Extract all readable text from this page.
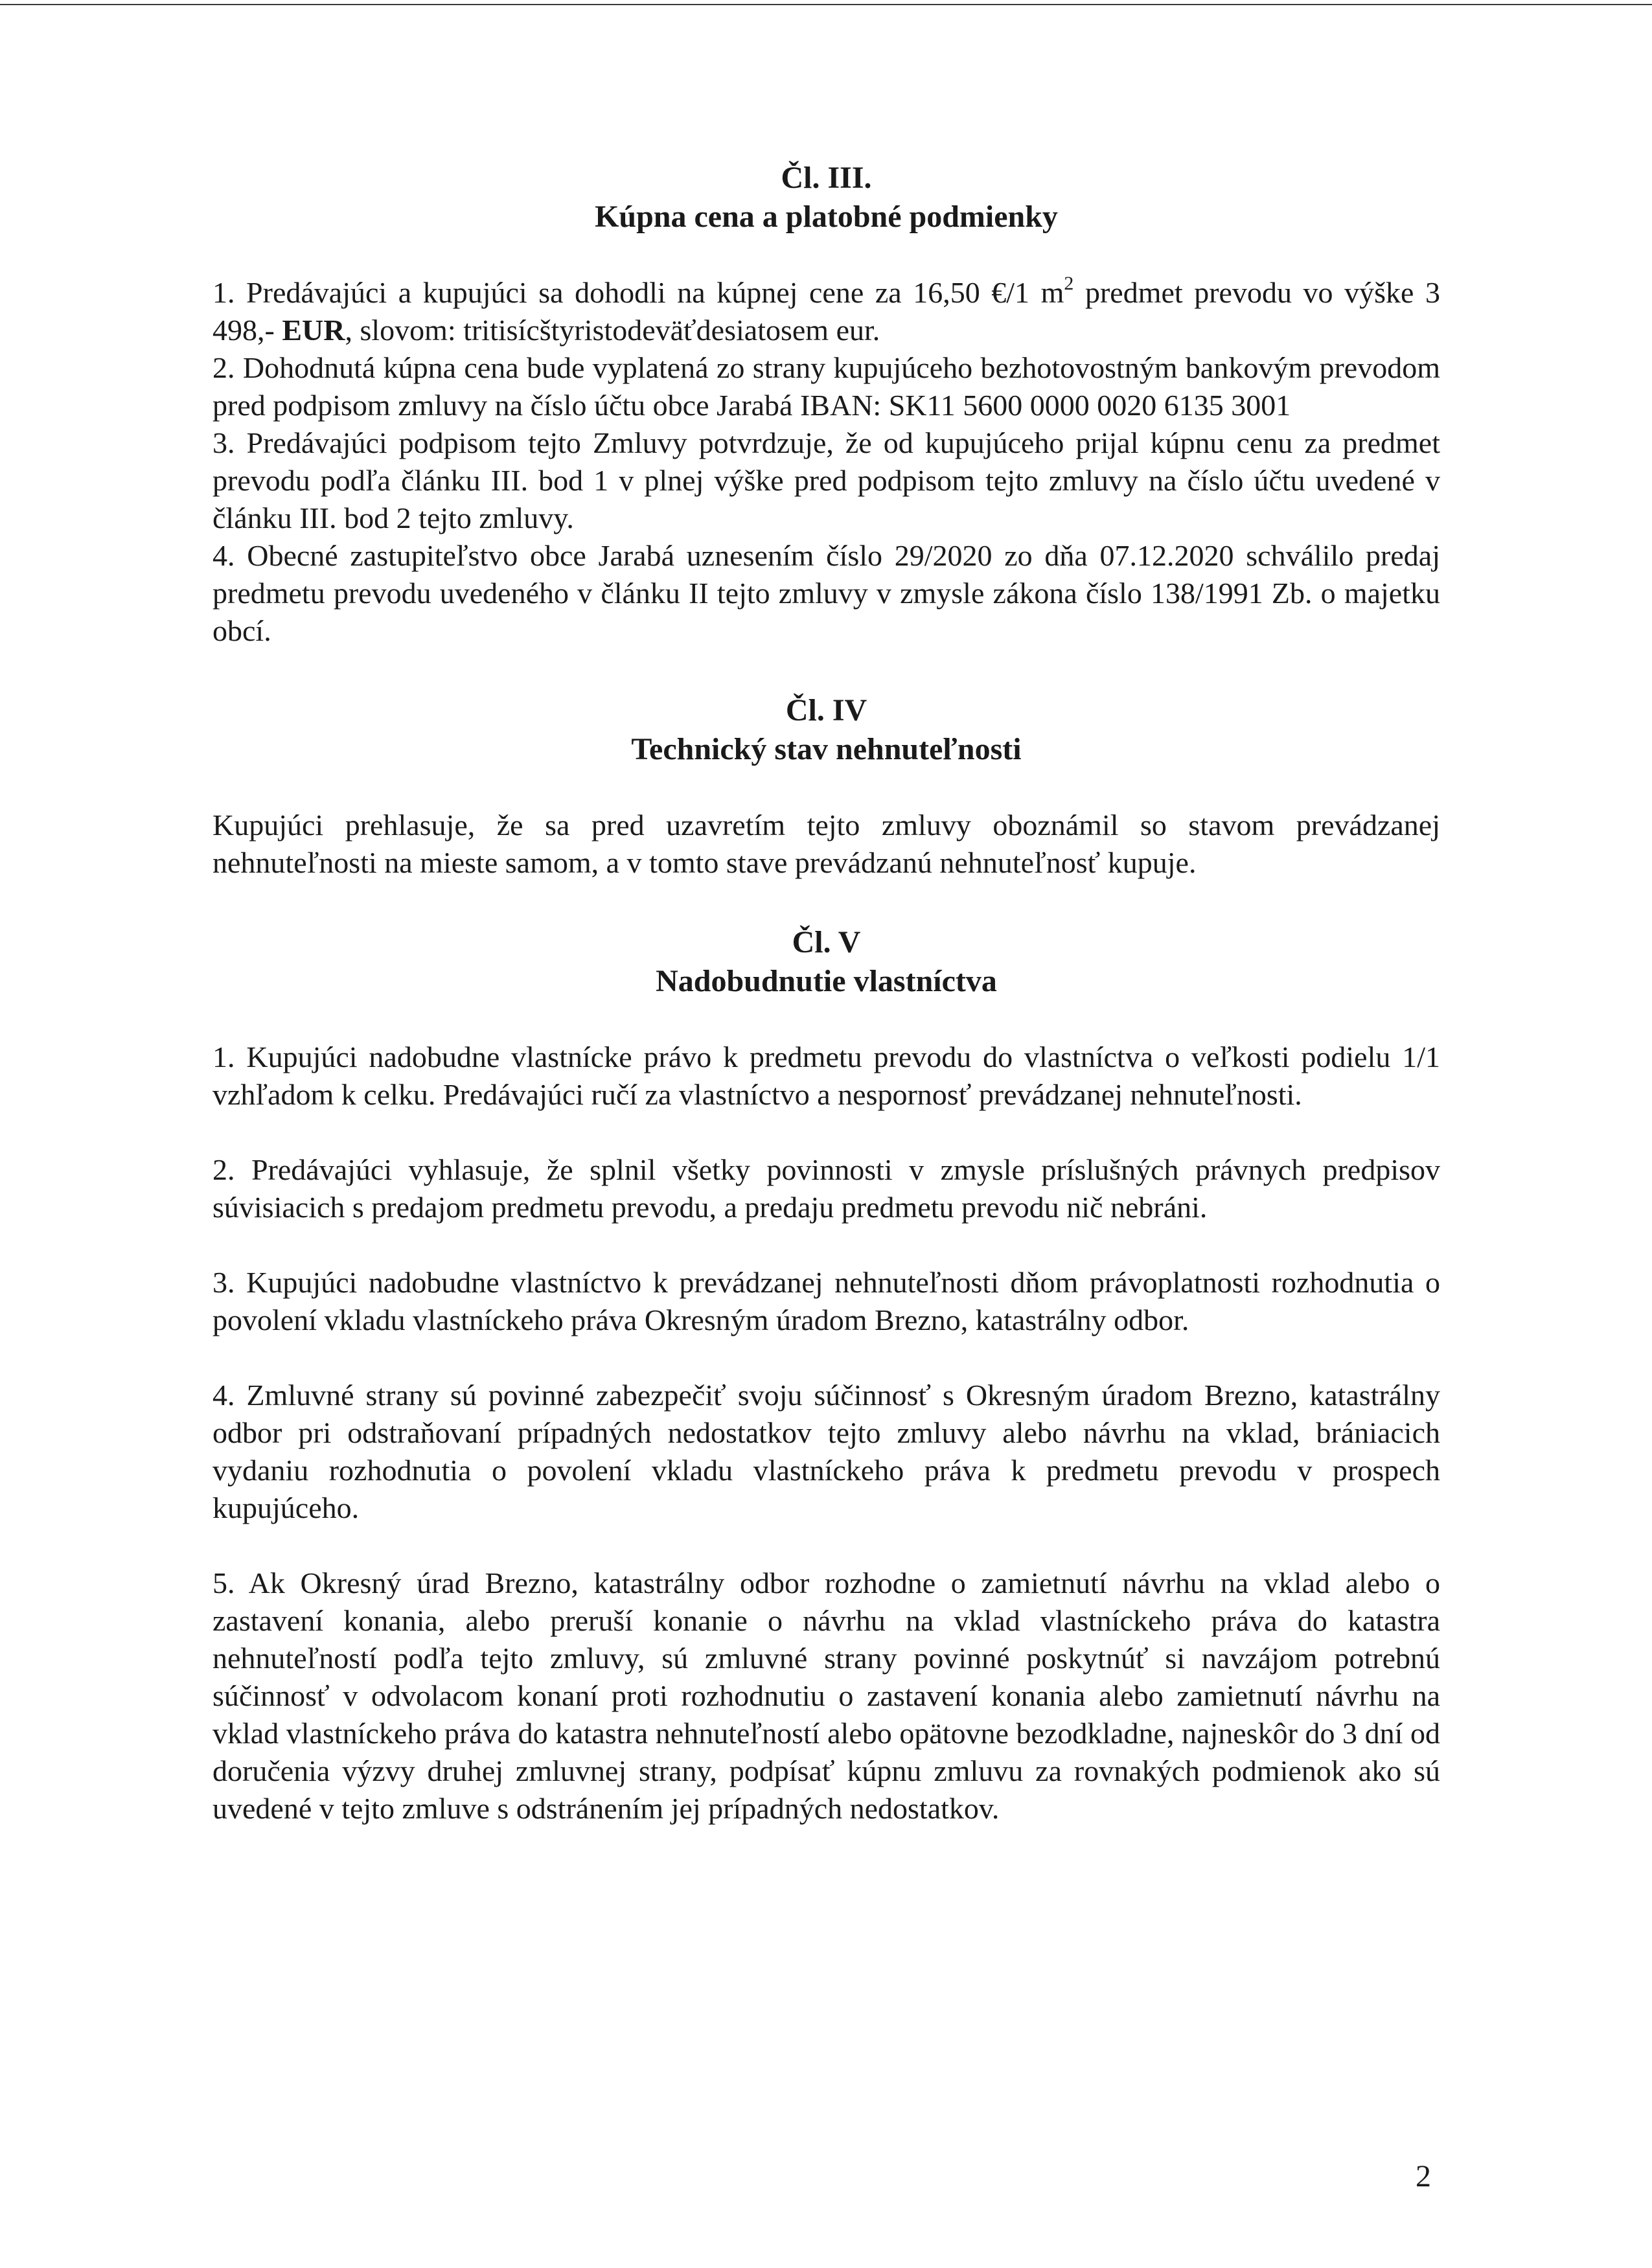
Čl. III.

Kúpna cena a platobné podmienky

1. Predávajúci a kupujúci sa dohodli na kúpnej cene za 16,50 €/1 $m^2$ predmet prevodu vo výške 3 498,- EUR, slovom: tritisícštyristodeväťdesiatosem eur.

2. Dohodnutá kúpna cena bude vyplatená zo strany kupujúceho bezhotovostným bankovým prevodom pred podpisom zmluvy na číslo účtu obce Jarabá IBAN: SK11 5600 0000 0020 6135 3001

3. Predávajúci podpisom tejto Zmluvy potvrdzuje, že od kupujúceho prijal kúpnu cenu za predmet prevodu podľa článku III. bod 1 v plnej výške pred podpisom tejto zmluvy na číslo účtu uvedené v článku III. bod 2 tejto zmluvy.

4. Obecné zastupiteľstvo obce Jarabá uznesením číslo 29/2020 zo dňa 07.12.2020 schválilo predaj predmetu prevodu uvedeného v článku II tejto zmluvy v zmysle zákona číslo 138/1991 Zb. o majetku obcí.

Čl. IV

Technický stav nehnuteľnosti

Kupujúci prehlasuje, že sa pred uzavretím tejto zmluvy oboznámil so stavom prevádzanej nehnuteľnosti na mieste samom, a v tomto stave prevádzanú nehnuteľnosť kupuje.

Čl. V

Nadobudnutie vlastníctva

1. Kupujúci nadobudne vlastnícke právo k predmetu prevodu do vlastníctva o veľkosti podielu 1/1 vzhľadom k celku. Predávajúci ručí za vlastníctvo a nespornosť prevádzanej nehnuteľnosti.

2. Predávajúci vyhlasuje, že splnil všetky povinnosti v zmysle príslušných právnych predpisov súvisiacich s predajom predmetu prevodu, a predaju predmetu prevodu nič nebráni.

3. Kupujúci nadobudne vlastníctvo k prevádzanej nehnuteľnosti dňom právoplatnosti rozhodnutia o povolení vkladu vlastníckeho práva Okresným úradom Brezno, katastrálny odbor.

4. Zmluvné strany sú povinné zabezpečiť svoju súčinnosť s Okresným úradom Brezno, katastrálny odbor pri odstraňovaní prípadných nedostatkov tejto zmluvy alebo návrhu na vklad, brániacich vydaniu rozhodnutia o povolení vkladu vlastníckeho práva k predmetu prevodu v prospech kupujúceho.

5. Ak Okresný úrad Brezno, katastrálny odbor rozhodne o zamietnutí návrhu na vklad alebo o zastavení konania, alebo preruší konanie o návrhu na vklad vlastníckeho práva do katastra nehnuteľností podľa tejto zmluvy, sú zmluvné strany povinné poskytnúť si navzájom potrebnú súčinnosť v odvolacom konaní proti rozhodnutiu o zastavení konania alebo zamietnutí návrhu na vklad vlastníckeho práva do katastra nehnuteľností alebo opätovne bezodkladne, najneskôr do 3 dní od doručenia výzvy druhej zmluvnej strany, podpísať kúpnu zmluvu za rovnakých podmienok ako sú uvedené v tejto zmluve s odstránením jej prípadných nedostatkov.

2
